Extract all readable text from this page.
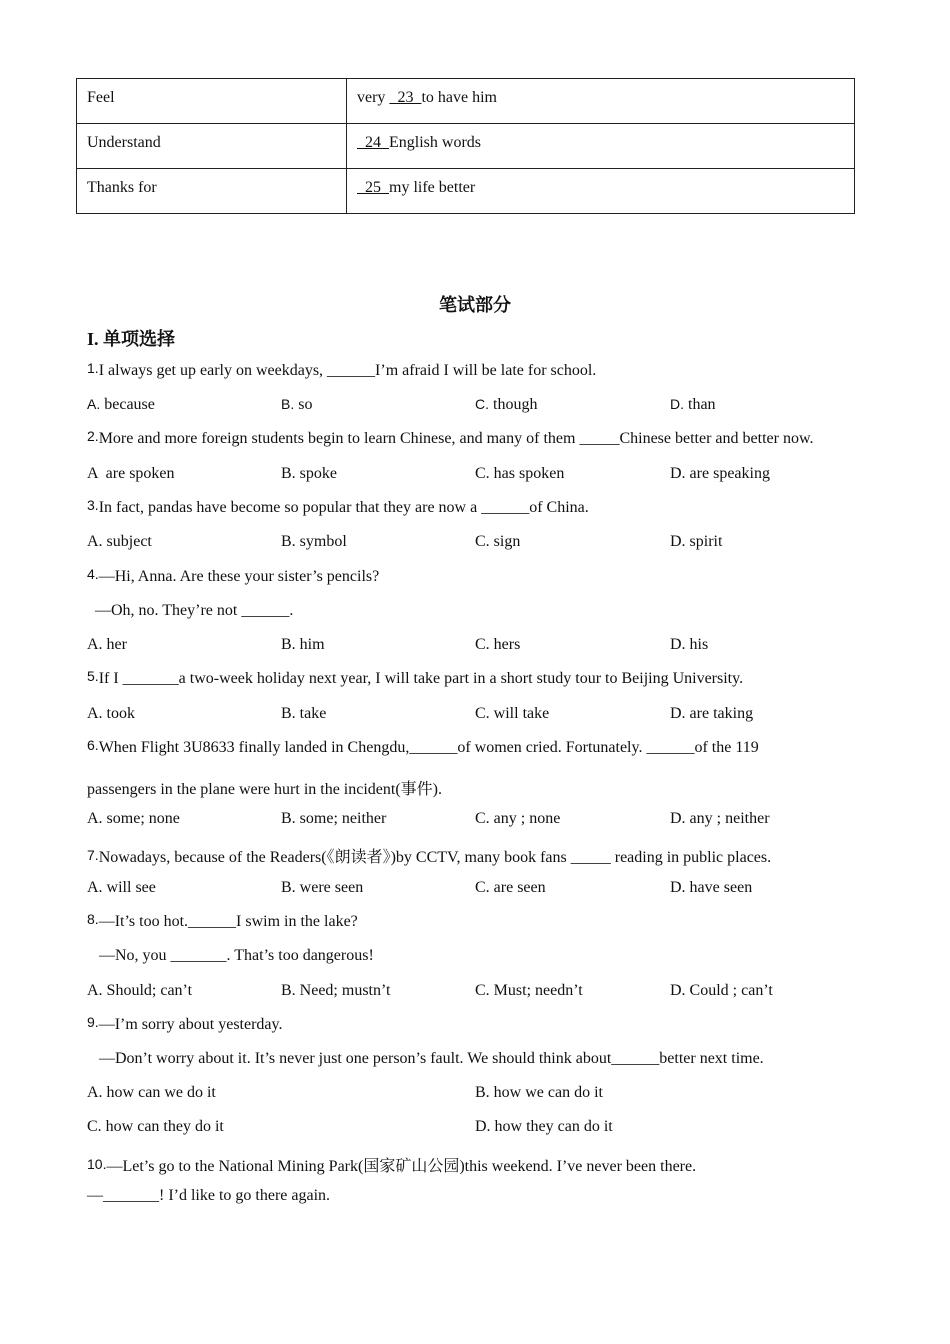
Feel	very   23  to have him
Understand	24  English words
Thanks for	25  my life better
笔试部分
I. 单项选择
1.I always get up early on weekdays, ______I’m afraid I will be late for school.
A. because	B. so	C. though	D. than
2.More and more foreign students begin to learn Chinese, and many of them _____Chinese better and better now.
A  are spoken	B. spoke	C. has spoken	D. are speaking
3.In fact, pandas have become so popular that they are now a ______of China.
A. subject	B. symbol	C. sign	D. spirit
4.—Hi, Anna. Are these your sister’s pencils?
—Oh, no. They’re not ______.
A. her	B. him	C. hers	D. his
5.If I _______a two-week holiday next year, I will take part in a short study tour to Beijing University.
A. took	B. take	C. will take	D. are taking
6.When Flight 3U8633 finally landed in Chengdu,______of women cried. Fortunately. ______of the 119
passengers in the plane were hurt in the incident(事件).
A. some; none	B. some; neither	C. any ; none	D. any ; neither
7.Nowadays, because of the Readers(《朗读者》)by CCTV, many book fans _____ reading in public places.
A. will see	B. were seen	C. are seen	D. have seen
8.—It’s too hot.______I swim in the lake?
—No, you _______. That’s too dangerous!
A. Should; can’t	B. Need; mustn’t	C. Must; needn’t	D. Could ; can’t
9.—I’m sorry about yesterday.
—Don’t worry about it. It’s never just one person’s fault. We should think about______better next time.
A. how can we do it	B. how we can do it
C. how can they do it	D. how they can do it
10.—Let’s go to the National Mining Park(国家矿山公园)this weekend. I’ve never been there.
—_______! I’d like to go there again.
